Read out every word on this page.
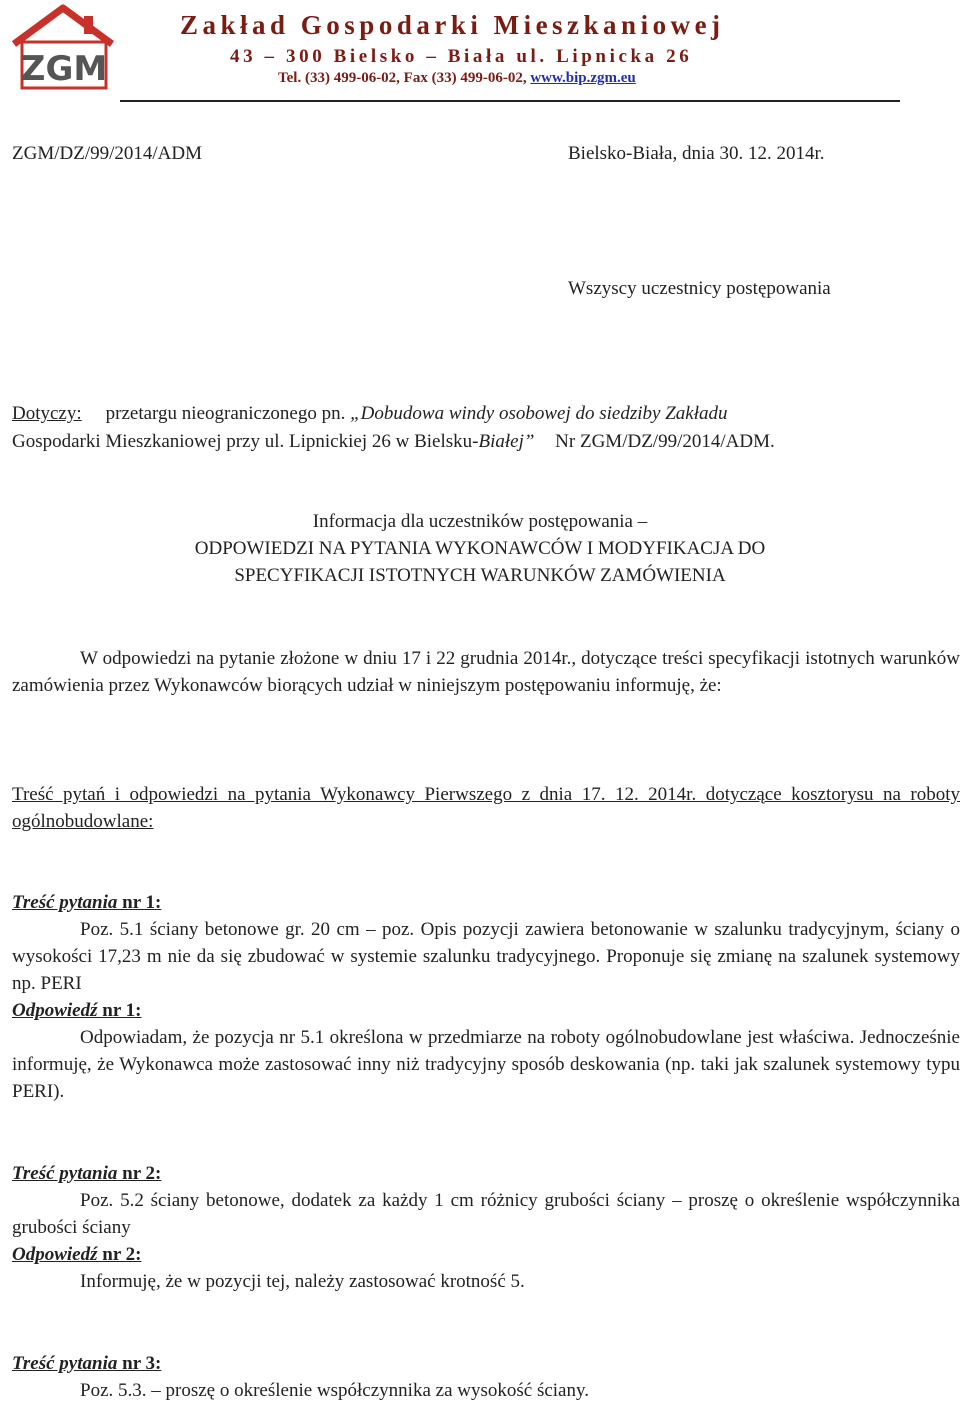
ZGM
Zakład Gospodarki Mieszkaniowej
43 – 300 Bielsko – Biała ul. Lipnicka 26
Tel. (33) 499-06-02, Fax (33) 499-06-02, www.bip.zgm.eu
ZGM/DZ/99/2014/ADM	Bielsko-Biała, dnia 30. 12. 2014r.
Wszyscy uczestnicy postępowania
Dotyczy: przetargu nieograniczonego pn. „Dobudowa windy osobowej do siedziby Zakładu
Gospodarki Mieszkaniowej przy ul. Lipnickiej 26 w Bielsku-Białej” Nr ZGM/DZ/99/2014/ADM.
Informacja dla uczestników postępowania –
ODPOWIEDZI NA PYTANIA WYKONAWCÓW I MODYFIKACJA DO
SPECYFIKACJI ISTOTNYCH WARUNKÓW ZAMÓWIENIA
W odpowiedzi na pytanie złożone w dniu 17 i 22 grudnia 2014r., dotyczące treści specyfikacji istotnych warunków zamówienia przez Wykonawców biorących udział w niniejszym postępowaniu informuję, że:
Treść pytań i odpowiedzi na pytania Wykonawcy Pierwszego z dnia 17. 12. 2014r. dotyczące kosztorysu na roboty ogólnobudowlane:
Treść pytania nr 1:
Poz. 5.1 ściany betonowe gr. 20 cm – poz. Opis pozycji zawiera betonowanie w szalunku tradycyjnym, ściany o wysokości 17,23 m nie da się zbudować w systemie szalunku tradycyjnego. Proponuje się zmianę na szalunek systemowy np. PERI
Odpowiedź nr 1:
Odpowiadam, że pozycja nr 5.1 określona w przedmiarze na roboty ogólnobudowlane jest właściwa. Jednocześnie informuję, że Wykonawca może zastosować inny niż tradycyjny sposób deskowania (np. taki jak szalunek systemowy typu PERI).
Treść pytania nr 2:
Poz. 5.2 ściany betonowe, dodatek za każdy 1 cm różnicy grubości ściany – proszę o określenie współczynnika grubości ściany
Odpowiedź nr 2:
Informuję, że w pozycji tej, należy zastosować krotność 5.
Treść pytania nr 3:
Poz. 5.3. – proszę o określenie współczynnika za wysokość ściany.
